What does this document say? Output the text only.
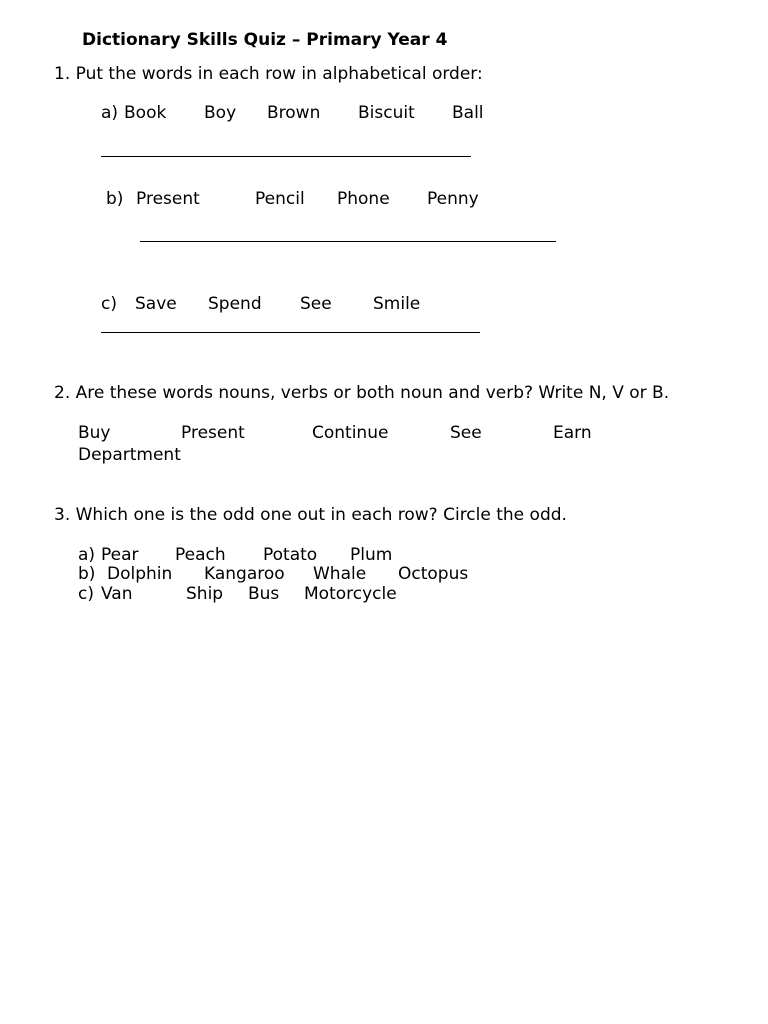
Dictionary Skills Quiz – Primary Year 4
1. Put the words in each row in alphabetical order:
a) Book Boy Brown Biscuit Ball
b) Present	Pencil Phone Penny
c) Save Spend See Smile
2. Are these words nouns, verbs or both noun and verb? Write N, V or B.
Buy	Present	Continue	See	Earn
Department
3. Which one is the odd one out in each row? Circle the odd.
a) Pear Peach Potato Plum
b) Dolphin Kangaroo Whale Octopus
c) Van	Ship Bus Motorcycle
